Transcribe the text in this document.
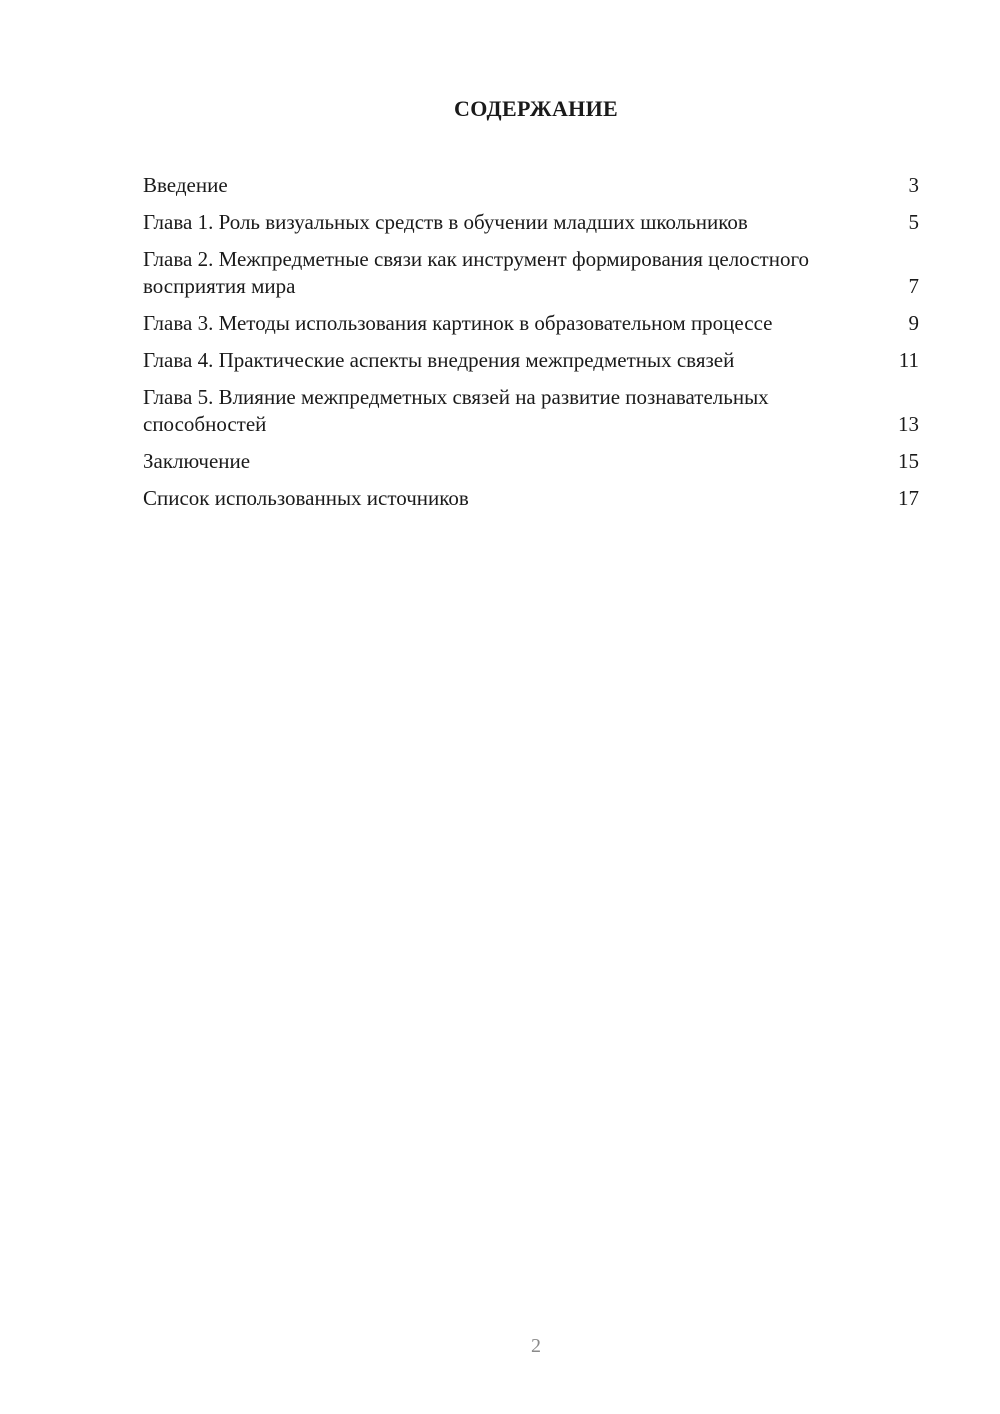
СОДЕРЖАНИЕ
Введение	3
Глава 1. Роль визуальных средств в обучении младших школьников	5
Глава 2. Межпредметные связи как инструмент формирования целостного восприятия мира	7
Глава 3. Методы использования картинок в образовательном процессе	9
Глава 4. Практические аспекты внедрения межпредметных связей	11
Глава 5. Влияние межпредметных связей на развитие познавательных способностей	13
Заключение	15
Список использованных источников	17
2
